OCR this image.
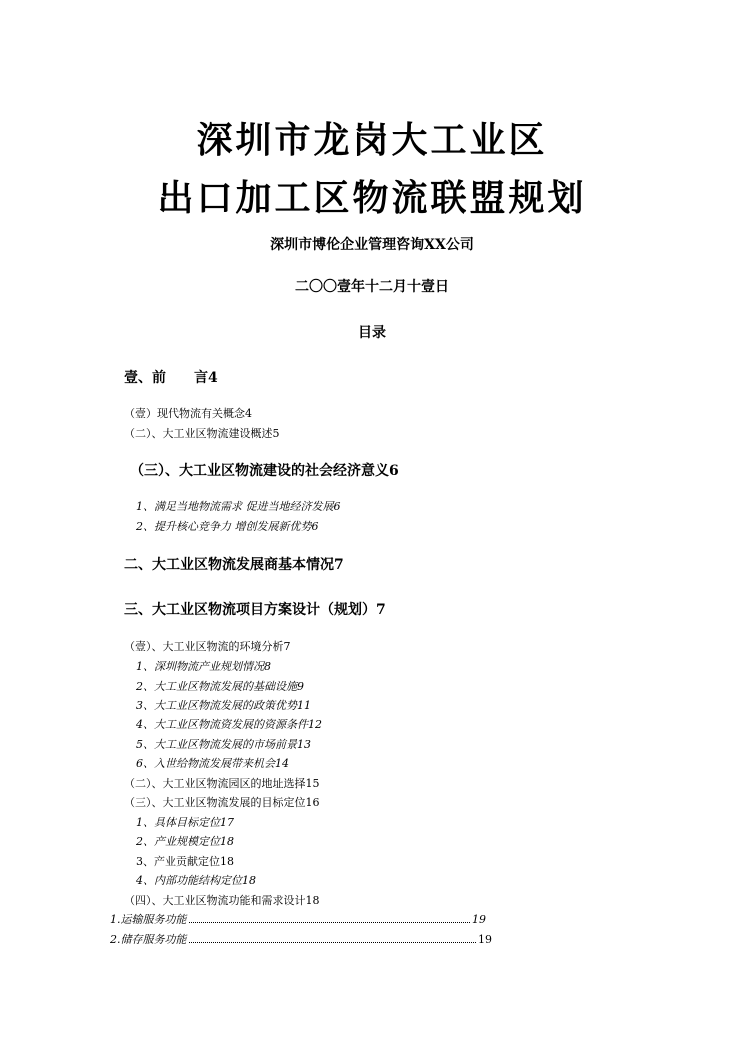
深圳市龙岗大工业区
出口加工区物流联盟规划
深圳市博伦企业管理咨询XX公司
二〇〇壹年十二月十壹日
目录
壹、前　　言4
（壹）现代物流有关概念4
（二）、大工业区物流建设概述5
（三）、大工业区物流建设的社会经济意义6
1、满足当地物流需求 促进当地经济发展6
2、提升核心竞争力 增创发展新优势6
二、大工业区物流发展商基本情况7
三、大工业区物流项目方案设计（规划）7
（壹）、大工业区物流的环境分析7
1、深圳物流产业规划情况8
2、大工业区物流发展的基础设施9
3、大工业区物流发展的政策优势11
4、大工业区物流资发展的资源条件12
5、大工业区物流发展的市场前景13
6、入世给物流发展带来机会14
（二）、大工业区物流园区的地址选择15
（三）、大工业区物流发展的目标定位16
1、具体目标定位17
2、产业规模定位18
3、产业贡献定位18
4、内部功能结构定位18
（四）、大工业区物流功能和需求设计18
1.运输服务功能	19
2.储存服务功能	19
